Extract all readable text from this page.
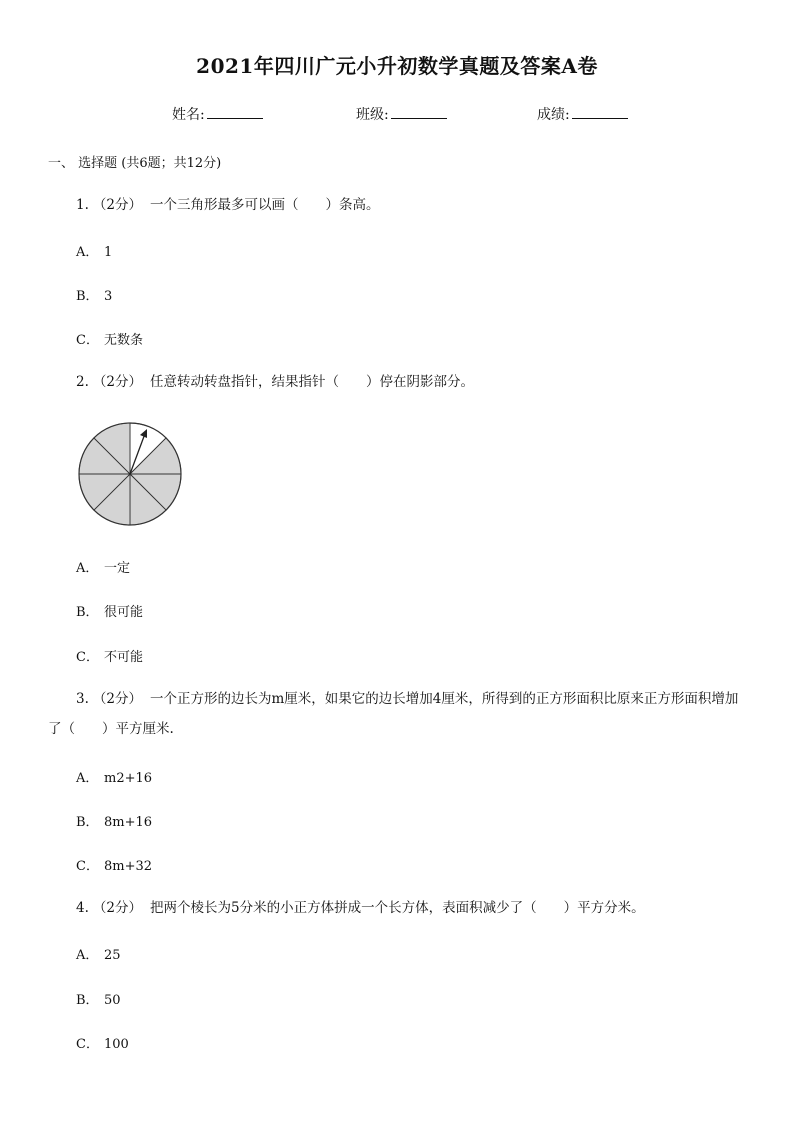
2021年四川广元小升初数学真题及答案A卷
姓名:	班级:	成绩:
一、 选择题 (共6题；共12分)
1. （2分） 一个三角形最多可以画（　　）条高。
A． 1
B． 3
C． 无数条
2. （2分） 任意转动转盘指针，结果指针（　　）停在阴影部分。
A． 一定
B． 很可能
C． 不可能
3. （2分） 一个正方形的边长为m厘米，如果它的边长增加4厘米，所得到的正方形面积比原来正方形面积增加了（　　）平方厘米.
A． m2+16
B． 8m+16
C． 8m+32
4. （2分） 把两个棱长为5分米的小正方体拼成一个长方体，表面积减少了（　　）平方分米。
A． 25
B． 50
C． 100
